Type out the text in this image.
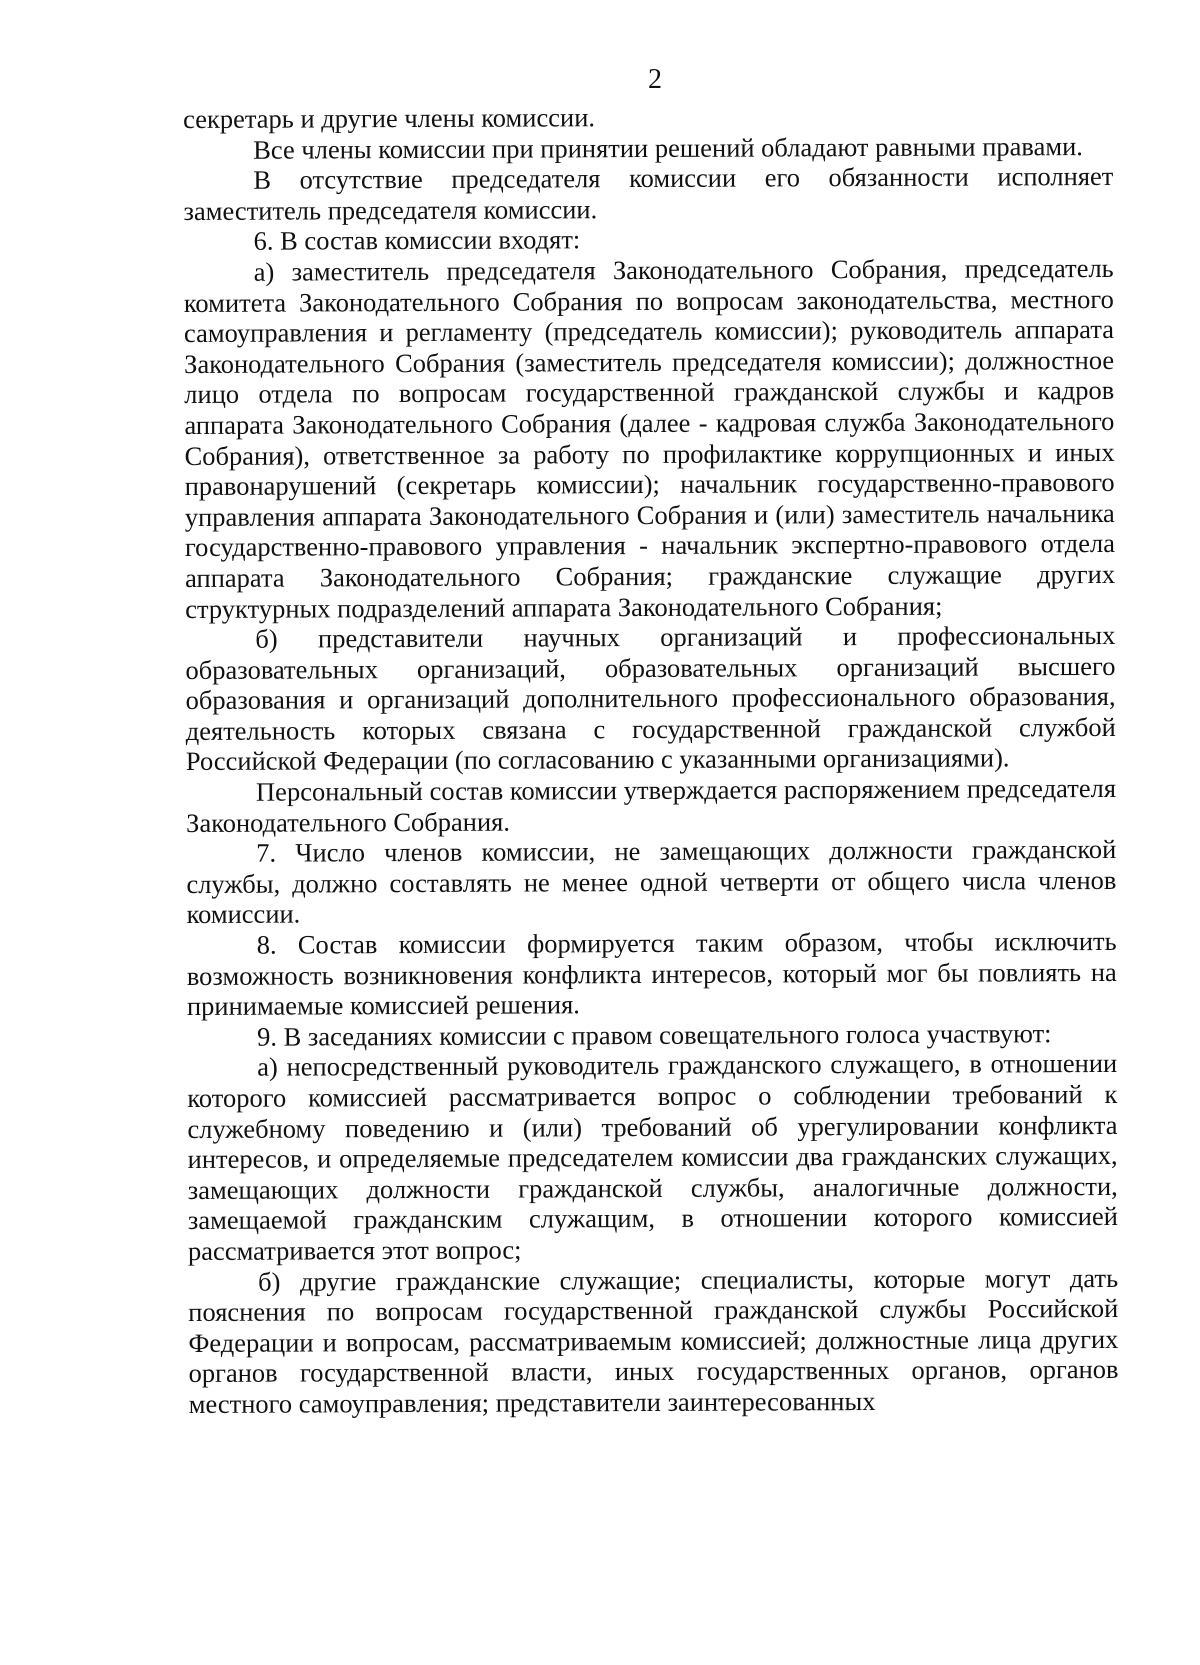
2

секретарь и другие члены комиссии.

Все члены комиссии при принятии решений обладают равными правами.

В отсутствие председателя комиссии его обязанности исполняет заместитель председателя комиссии.

6. В состав комиссии входят:

а) заместитель председателя Законодательного Собрания, председатель комитета Законодательного Собрания по вопросам законодательства, местного самоуправления и регламенту (председатель комиссии); руководитель аппарата Законодательного Собрания (заместитель председателя комиссии); должностное лицо отдела по вопросам государственной гражданской службы и кадров аппарата Законодательного Собрания (далее - кадровая служба Законодательного Собрания), ответственное за работу по профилактике коррупционных и иных правонарушений (секретарь комиссии); начальник государственно-правового управления аппарата Законодательного Собрания и (или) заместитель начальника государственно-правового управления - начальник экспертно-правового отдела аппарата Законодательного Собрания; гражданские служащие других структурных подразделений аппарата Законодательного Собрания;

б) представители научных организаций и профессиональных образовательных организаций, образовательных организаций высшего образования и организаций дополнительного профессионального образования, деятельность которых связана с государственной гражданской службой Российской Федерации (по согласованию с указанными организациями).

Персональный состав комиссии утверждается распоряжением председателя Законодательного Собрания.

7. Число членов комиссии, не замещающих должности гражданской службы, должно составлять не менее одной четверти от общего числа членов комиссии.

8. Состав комиссии формируется таким образом, чтобы исключить возможность возникновения конфликта интересов, который мог бы повлиять на принимаемые комиссией решения.

9. В заседаниях комиссии с правом совещательного голоса участвуют:

а) непосредственный руководитель гражданского служащего, в отношении которого комиссией рассматривается вопрос о соблюдении требований к служебному поведению и (или) требований об урегулировании конфликта интересов, и определяемые председателем комиссии два гражданских служащих, замещающих должности гражданской службы, аналогичные должности, замещаемой гражданским служащим, в отношении которого комиссией рассматривается этот вопрос;

б) другие гражданские служащие; специалисты, которые могут дать пояснения по вопросам государственной гражданской службы Российской Федерации и вопросам, рассматриваемым комиссией; должностные лица других органов государственной власти, иных государственных органов, органов местного самоуправления; представители заинтересованных
